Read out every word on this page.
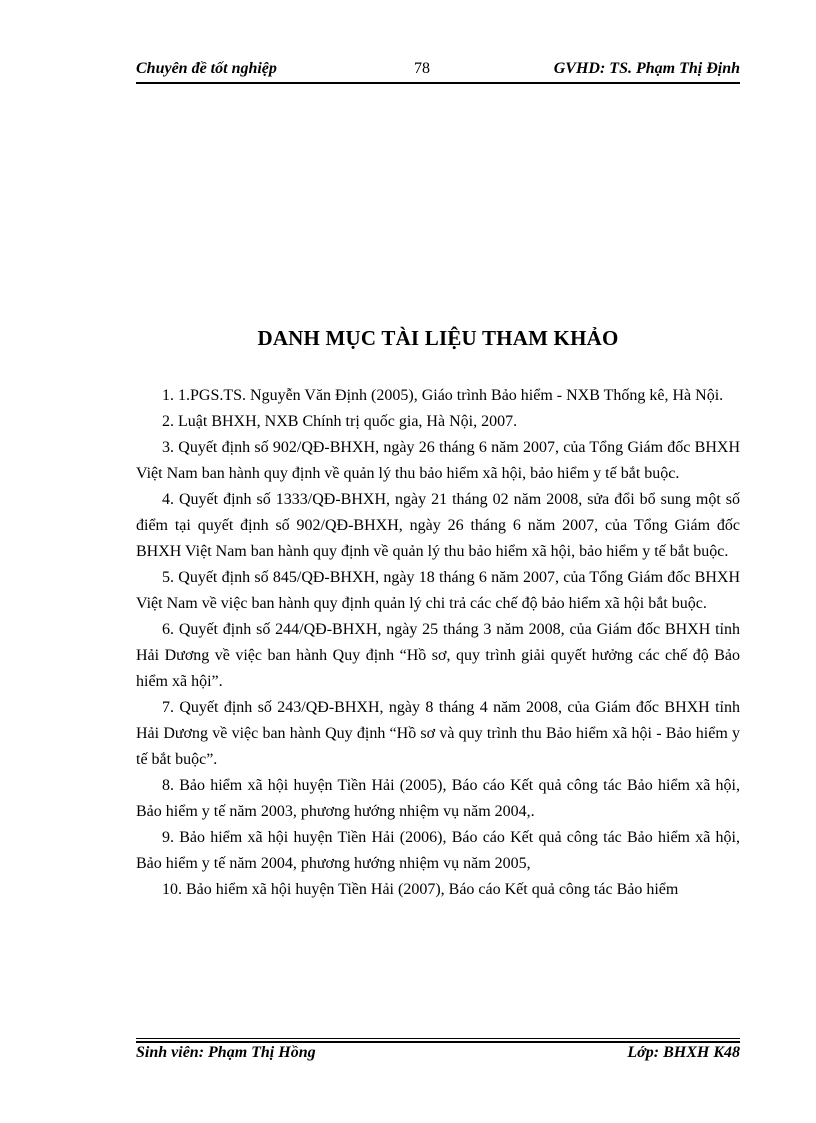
Chuyên đề tốt nghiệp	78	GVHD: TS. Phạm Thị Định
DANH MỤC TÀI LIỆU THAM KHẢO
1. 1.PGS.TS. Nguyễn Văn Định (2005), Giáo trình Bảo hiểm - NXB Thống kê, Hà Nội.
2. Luật BHXH, NXB Chính trị quốc gia, Hà Nội, 2007.
3. Quyết định số 902/QĐ-BHXH, ngày 26 tháng 6 năm 2007, của Tổng Giám đốc BHXH Việt Nam ban hành quy định về quản lý thu bảo hiểm xã hội, bảo hiểm y tế bắt buộc.
4. Quyết định số 1333/QĐ-BHXH, ngày 21 tháng 02 năm 2008, sửa đổi bổ sung một số điểm tại quyết định số 902/QĐ-BHXH, ngày 26 tháng 6 năm 2007, của Tổng Giám đốc BHXH Việt Nam ban hành quy định về quản lý thu bảo hiểm xã hội, bảo hiểm y tế bắt buộc.
5. Quyết định số 845/QĐ-BHXH, ngày 18 tháng 6 năm 2007, của Tổng Giám đốc BHXH Việt Nam về việc ban hành quy định quản lý chi trả các chế độ bảo hiểm xã hội bắt buộc.
6. Quyết định số 244/QĐ-BHXH, ngày 25 tháng 3 năm 2008, của Giám đốc BHXH tỉnh Hải Dương về việc ban hành Quy định “Hồ sơ, quy trình giải quyết hưởng các chế độ Bảo hiểm xã hội”.
7. Quyết định số 243/QĐ-BHXH, ngày 8 tháng 4 năm 2008, của Giám đốc BHXH tỉnh Hải Dương về việc ban hành Quy định “Hồ sơ và quy trình thu Bảo hiểm xã hội - Bảo hiểm y tế bắt buộc”.
8. Bảo hiểm xã hội huyện Tiền Hải (2005), Báo cáo Kết quả công tác Bảo hiểm xã hội, Bảo hiểm y tế năm 2003, phương hướng nhiệm vụ năm 2004,.
9. Bảo hiểm xã hội huyện Tiền Hải (2006), Báo cáo Kết quả công tác Bảo hiểm xã hội, Bảo hiểm y tế năm 2004, phương hướng nhiệm vụ năm 2005,
10. Bảo hiểm xã hội huyện Tiền Hải (2007), Báo cáo Kết quả công tác Bảo hiểm
Sinh viên: Phạm Thị Hồng	Lớp: BHXH K48
